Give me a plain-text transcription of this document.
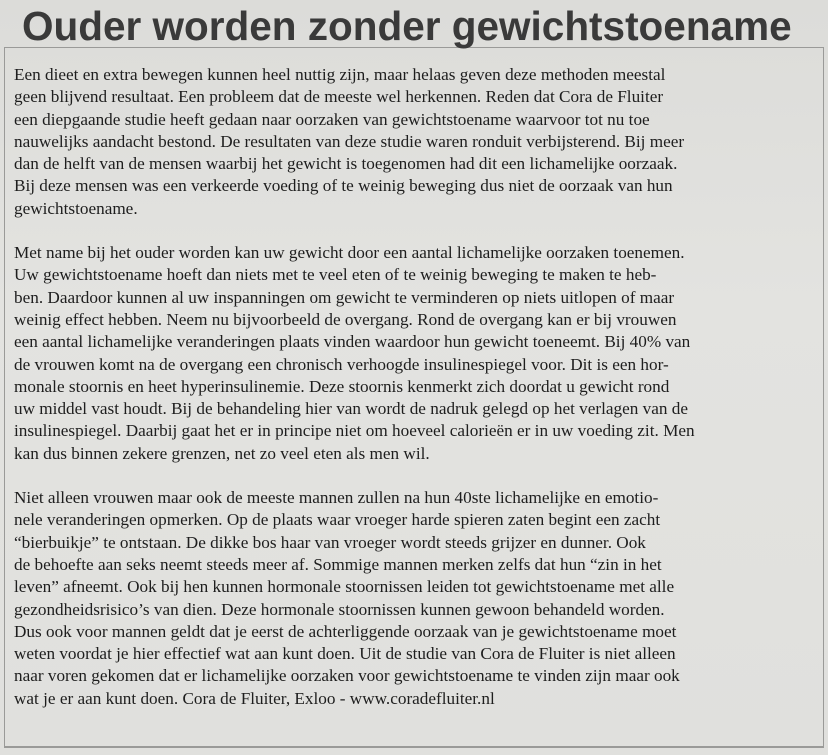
Ouder worden zonder gewichtstoename

Een dieet en extra bewegen kunnen heel nuttig zijn, maar helaas geven deze methoden meestal
geen blijvend resultaat. Een probleem dat de meeste wel herkennen. Reden dat Cora de Fluiter
een diepgaande studie heeft gedaan naar oorzaken van gewichtstoename waarvoor tot nu toe
nauwelijks aandacht bestond. De resultaten van deze studie waren ronduit verbijsterend. Bij meer
dan de helft van de mensen waarbij het gewicht is toegenomen had dit een lichamelijke oorzaak.
Bij deze mensen was een verkeerde voeding of te weinig beweging dus niet de oorzaak van hun
gewichtstoename.

Met name bij het ouder worden kan uw gewicht door een aantal lichamelijke oorzaken toenemen.
Uw gewichtstoename hoeft dan niets met te veel eten of te weinig beweging te maken te heb-
ben. Daardoor kunnen al uw inspanningen om gewicht te verminderen op niets uitlopen of maar
weinig effect hebben. Neem nu bijvoorbeeld de overgang. Rond de overgang kan er bij vrouwen
een aantal lichamelijke veranderingen plaats vinden waardoor hun gewicht toeneemt. Bij 40% van
de vrouwen komt na de overgang een chronisch verhoogde insulinespiegel voor. Dit is een hor-
monale stoornis en heet hyperinsulinemie. Deze stoornis kenmerkt zich doordat u gewicht rond
uw middel vast houdt. Bij de behandeling hier van wordt de nadruk gelegd op het verlagen van de
insulinespiegel. Daarbij gaat het er in principe niet om hoeveel calorieën er in uw voeding zit. Men
kan dus binnen zekere grenzen, net zo veel eten als men wil.

Niet alleen vrouwen maar ook de meeste mannen zullen na hun 40ste lichamelijke en emotio-
nele veranderingen opmerken. Op de plaats waar vroeger harde spieren zaten begint een zacht
“bierbuikje” te ontstaan. De dikke bos haar van vroeger wordt steeds grijzer en dunner. Ook
de behoefte aan seks neemt steeds meer af. Sommige mannen merken zelfs dat hun “zin in het
leven” afneemt. Ook bij hen kunnen hormonale stoornissen leiden tot gewichtstoename met alle
gezondheidsrisico’s van dien. Deze hormonale stoornissen kunnen gewoon behandeld worden.
Dus ook voor mannen geldt dat je eerst de achterliggende oorzaak van je gewichtstoename moet
weten voordat je hier effectief wat aan kunt doen. Uit de studie van Cora de Fluiter is niet alleen
naar voren gekomen dat er lichamelijke oorzaken voor gewichtstoename te vinden zijn maar ook
wat je er aan kunt doen. Cora de Fluiter, Exloo - www.coradefluiter.nl
